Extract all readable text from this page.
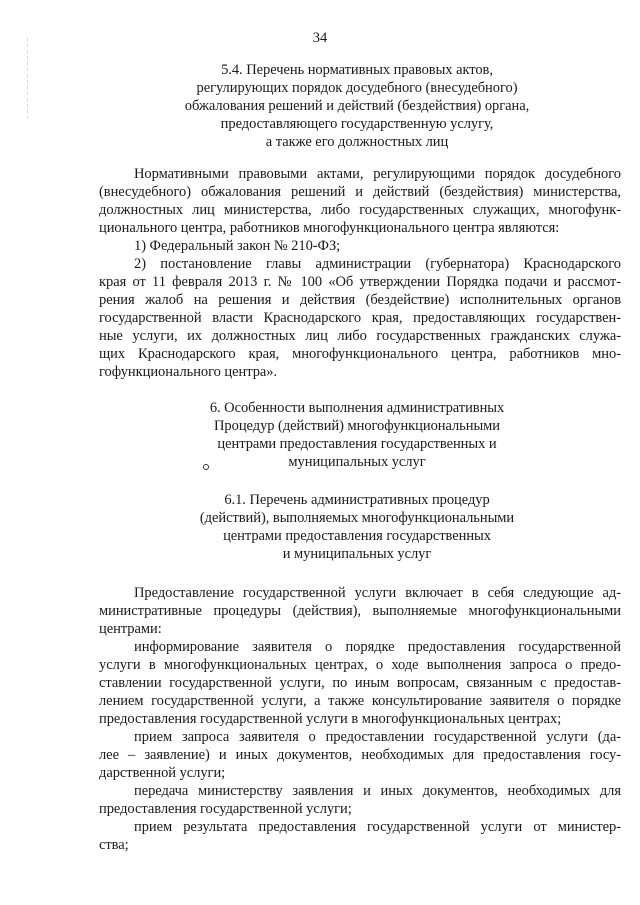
34
5.4. Перечень нормативных правовых актов,
регулирующих порядок досудебного (внесудебного)
обжалования решений и действий (бездействия) органа,
предоставляющего государственную услугу,
а также его должностных лиц
Нормативными правовыми актами, регулирующими порядок досудебного
(внесудебного) обжалования решений и действий (бездействия) министерства,
должностных лиц министерства, либо государственных служащих, многофунк-
ционального центра, работников многофункционального центра являются:
1) Федеральный закон № 210-ФЗ;
2) постановление главы администрации (губернатора) Краснодарского
края от 11 февраля 2013 г. № 100 «Об утверждении Порядка подачи и рассмот-
рения жалоб на решения и действия (бездействие) исполнительных органов
государственной власти Краснодарского края, предоставляющих государствен-
ные услуги, их должностных лиц либо государственных гражданских служа-
щих Краснодарского края, многофункционального центра, работников мно-
гофункционального центра».
6. Особенности выполнения административных
Процедур (действий) многофункциональными
центрами предоставления государственных и
муниципальных услуг
6.1. Перечень административных процедур
(действий), выполняемых многофункциональными
центрами предоставления государственных
и муниципальных услуг
Предоставление государственной услуги включает в себя следующие ад-
министративные процедуры (действия), выполняемые многофункциональными
центрами:
информирование заявителя о порядке предоставления государственной
услуги в многофункциональных центрах, о ходе выполнения запроса о предо-
ставлении государственной услуги, по иным вопросам, связанным с предостав-
лением государственной услуги, а также консультирование заявителя о порядке
предоставления государственной услуги в многофункциональных центрах;
прием запроса заявителя о предоставлении государственной услуги (да-
лее – заявление) и иных документов, необходимых для предоставления госу-
дарственной услуги;
передача министерству заявления и иных документов, необходимых для
предоставления государственной услуги;
прием результата предоставления государственной услуги от министер-
ства;
